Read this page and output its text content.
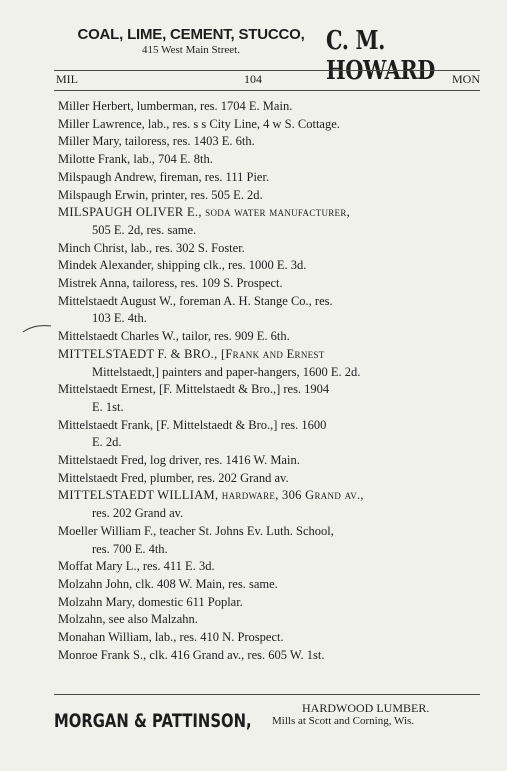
COAL, LIME, CEMENT, STUCCO,
415 West Main Street.	C. M. HOWARD
MIL	104	MON
Miller Herbert, lumberman, res. 1704 E. Main.
Miller Lawrence, lab., res. s s City Line, 4 w S. Cottage.
Miller Mary, tailoress, res. 1403 E. 6th.
Milotte Frank, lab., 704 E. 8th.
Milspaugh Andrew, fireman, res. 111 Pier.
Milspaugh Erwin, printer, res. 505 E. 2d.
MILSPAUGH OLIVER E., soda water manufacturer,
505 E. 2d, res. same.
Minch Christ, lab., res. 302 S. Foster.
Mindek Alexander, shipping clk., res. 1000 E. 3d.
Mistrek Anna, tailoress, res. 109 S. Prospect.
Mittelstaedt August W., foreman A. H. Stange Co., res.
103 E. 4th.
Mittelstaedt Charles W., tailor, res. 909 E. 6th.
MITTELSTAEDT F. & BRO., [Frank and Ernest
Mittelstaedt,] painters and paper-hangers, 1600 E. 2d.
Mittelstaedt Ernest, [F. Mittelstaedt & Bro.,] res. 1904
E. 1st.
Mittelstaedt Frank, [F. Mittelstaedt & Bro.,] res. 1600
E. 2d.
Mittelstaedt Fred, log driver, res. 1416 W. Main.
Mittelstaedt Fred, plumber, res. 202 Grand av.
MITTELSTAEDT WILLIAM, hardware, 306 Grand av.,
res. 202 Grand av.
Moeller William F., teacher St. Johns Ev. Luth. School,
res. 700 E. 4th.
Moffat Mary L., res. 411 E. 3d.
Molzahn John, clk. 408 W. Main, res. same.
Molzahn Mary, domestic 611 Poplar.
Molzahn, see also Malzahn.
Monahan William, lab., res. 410 N. Prospect.
Monroe Frank S., clk. 416 Grand av., res. 605 W. 1st.
MORGAN & PATTINSON,
HARDWOOD LUMBER.
Mills at Scott and Corning, Wis.
